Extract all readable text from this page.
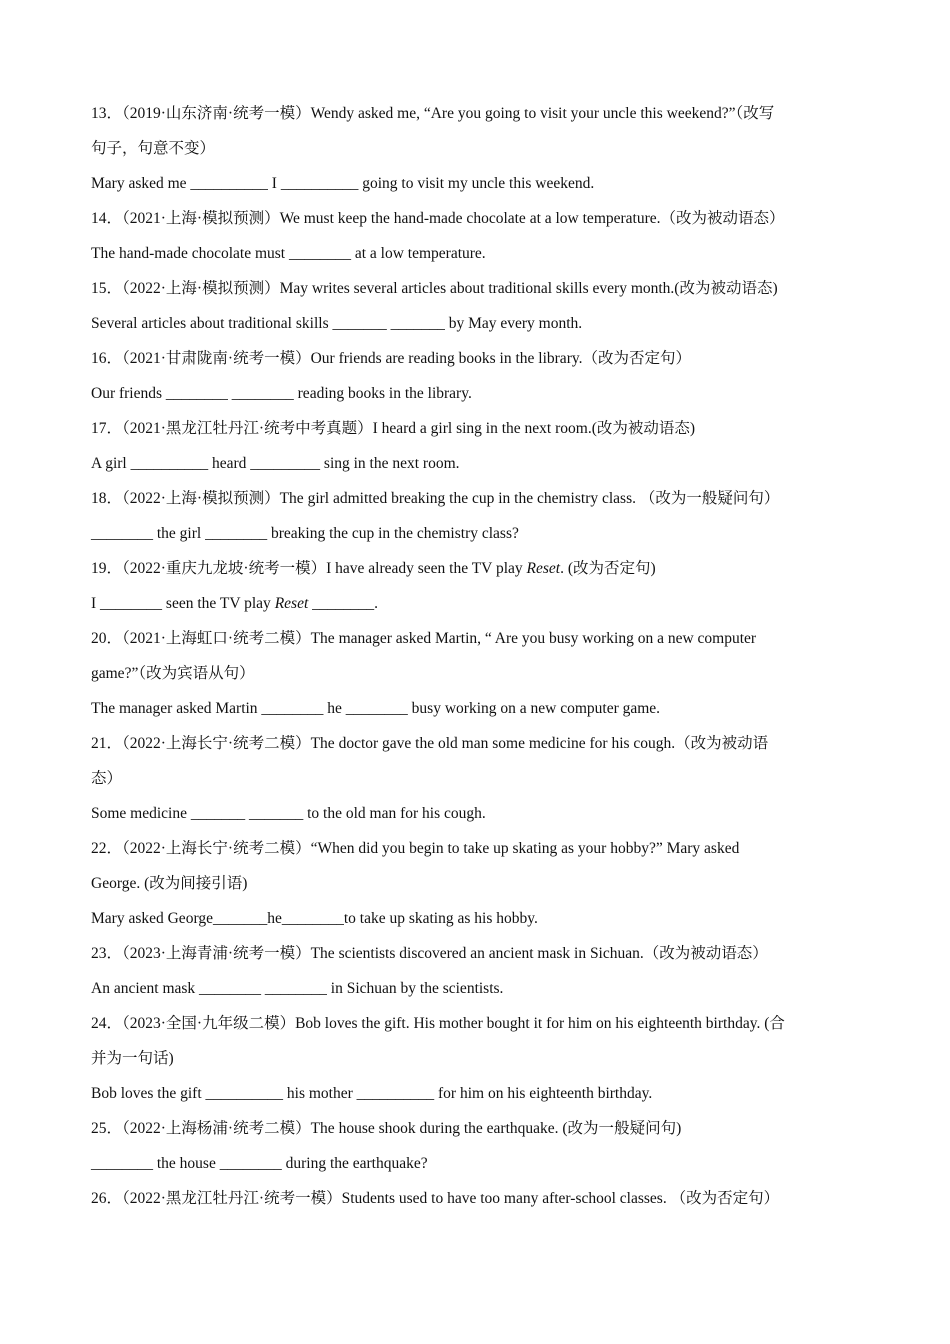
13．（2019·山东济南·统考一模）Wendy asked me, “Are you going to visit your uncle this weekend?”（改写
句子，句意不变）
Mary asked me __________ I __________ going to visit my uncle this weekend.
14．（2021·上海·模拟预测）We must keep the hand-made chocolate at a low temperature.（改为被动语态）
The hand-made chocolate must ________ at a low temperature.
15．（2022·上海·模拟预测）May writes several articles about traditional skills every month.(改为被动语态)
Several articles about traditional skills _______ _______ by May every month.
16．（2021·甘肃陇南·统考一模）Our friends are reading books in the library.（改为否定句）
Our friends ________ ________ reading books in the library.
17．（2021·黑龙江牡丹江·统考中考真题）I heard a girl sing in the next room.(改为被动语态)
A girl __________ heard _________ sing in the next room.
18．（2022·上海·模拟预测）The girl admitted breaking the cup in the chemistry class. （改为一般疑问句）
________ the girl ________ breaking the cup in the chemistry class?
19．（2022·重庆九龙坡·统考一模）I have already seen the TV play Reset. (改为否定句)
I ________ seen the TV play Reset ________.
20．（2021·上海虹口·统考二模）The manager asked Martin, “ Are you busy working on a new computer
game?”（改为宾语从句）
The manager asked Martin ________ he ________ busy working on a new computer game.
21．（2022·上海长宁·统考二模）The doctor gave the old man some medicine for his cough.（改为被动语
态）
Some medicine _______ _______ to the old man for his cough.
22．（2022·上海长宁·统考二模）“When did you begin to take up skating as your hobby?” Mary asked
George. (改为间接引语)
Mary asked George_______he________to take up skating as his hobby.
23．（2023·上海青浦·统考一模）The scientists discovered an ancient mask in Sichuan.（改为被动语态）
An ancient mask ________ ________ in Sichuan by the scientists.
24．（2023·全国·九年级二模）Bob loves the gift. His mother bought it for him on his eighteenth birthday. (合
并为一句话)
Bob loves the gift __________ his mother __________ for him on his eighteenth birthday.
25．（2022·上海杨浦·统考二模）The house shook during the earthquake. (改为一般疑问句)
________ the house ________ during the earthquake?
26．（2022·黑龙江牡丹江·统考一模）Students used to have too many after-school classes. （改为否定句）
